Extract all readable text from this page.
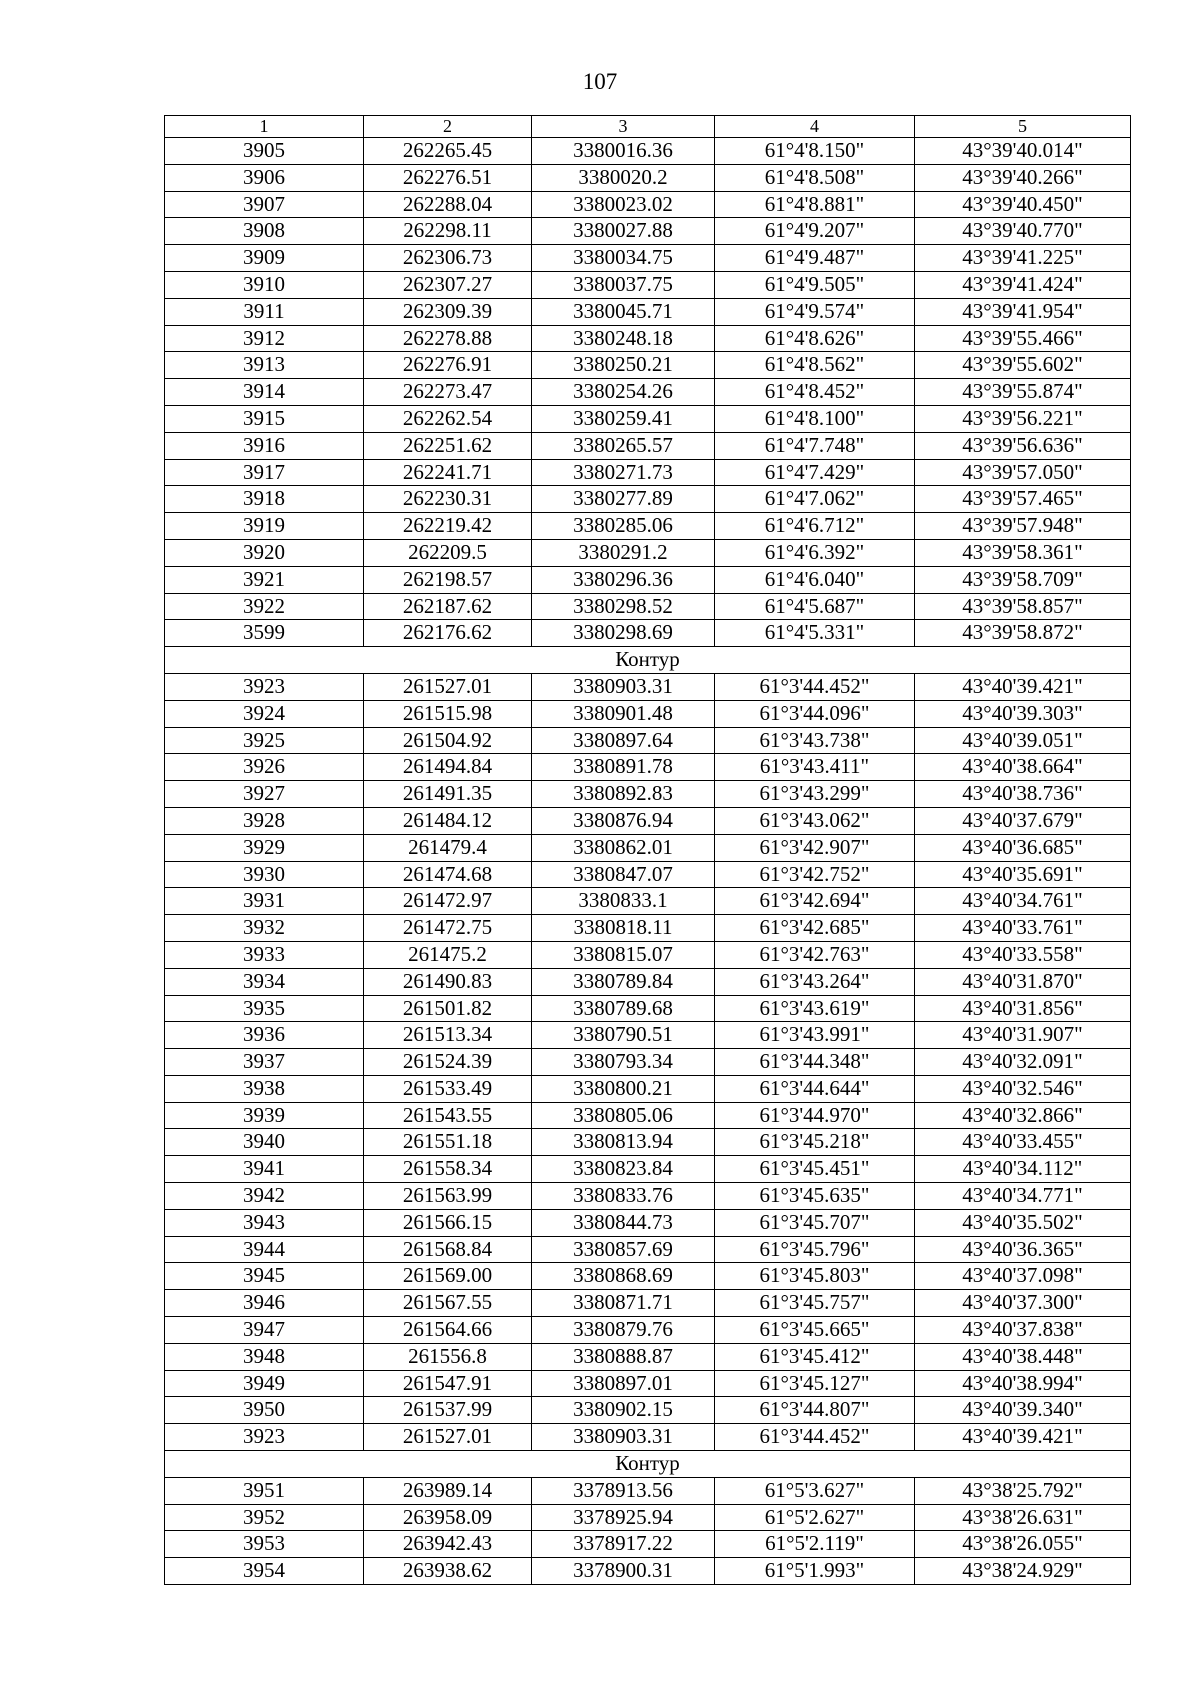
107
1	2	3	4	5
3905	262265.45	3380016.36	61°4'8.150"	43°39'40.014"
3906	262276.51	3380020.2	61°4'8.508"	43°39'40.266"
3907	262288.04	3380023.02	61°4'8.881"	43°39'40.450"
3908	262298.11	3380027.88	61°4'9.207"	43°39'40.770"
3909	262306.73	3380034.75	61°4'9.487"	43°39'41.225"
3910	262307.27	3380037.75	61°4'9.505"	43°39'41.424"
3911	262309.39	3380045.71	61°4'9.574"	43°39'41.954"
3912	262278.88	3380248.18	61°4'8.626"	43°39'55.466"
3913	262276.91	3380250.21	61°4'8.562"	43°39'55.602"
3914	262273.47	3380254.26	61°4'8.452"	43°39'55.874"
3915	262262.54	3380259.41	61°4'8.100"	43°39'56.221"
3916	262251.62	3380265.57	61°4'7.748"	43°39'56.636"
3917	262241.71	3380271.73	61°4'7.429"	43°39'57.050"
3918	262230.31	3380277.89	61°4'7.062"	43°39'57.465"
3919	262219.42	3380285.06	61°4'6.712"	43°39'57.948"
3920	262209.5	3380291.2	61°4'6.392"	43°39'58.361"
3921	262198.57	3380296.36	61°4'6.040"	43°39'58.709"
3922	262187.62	3380298.52	61°4'5.687"	43°39'58.857"
3599	262176.62	3380298.69	61°4'5.331"	43°39'58.872"
Контур				
3923	261527.01	3380903.31	61°3'44.452"	43°40'39.421"
3924	261515.98	3380901.48	61°3'44.096"	43°40'39.303"
3925	261504.92	3380897.64	61°3'43.738"	43°40'39.051"
3926	261494.84	3380891.78	61°3'43.411"	43°40'38.664"
3927	261491.35	3380892.83	61°3'43.299"	43°40'38.736"
3928	261484.12	3380876.94	61°3'43.062"	43°40'37.679"
3929	261479.4	3380862.01	61°3'42.907"	43°40'36.685"
3930	261474.68	3380847.07	61°3'42.752"	43°40'35.691"
3931	261472.97	3380833.1	61°3'42.694"	43°40'34.761"
3932	261472.75	3380818.11	61°3'42.685"	43°40'33.761"
3933	261475.2	3380815.07	61°3'42.763"	43°40'33.558"
3934	261490.83	3380789.84	61°3'43.264"	43°40'31.870"
3935	261501.82	3380789.68	61°3'43.619"	43°40'31.856"
3936	261513.34	3380790.51	61°3'43.991"	43°40'31.907"
3937	261524.39	3380793.34	61°3'44.348"	43°40'32.091"
3938	261533.49	3380800.21	61°3'44.644"	43°40'32.546"
3939	261543.55	3380805.06	61°3'44.970"	43°40'32.866"
3940	261551.18	3380813.94	61°3'45.218"	43°40'33.455"
3941	261558.34	3380823.84	61°3'45.451"	43°40'34.112"
3942	261563.99	3380833.76	61°3'45.635"	43°40'34.771"
3943	261566.15	3380844.73	61°3'45.707"	43°40'35.502"
3944	261568.84	3380857.69	61°3'45.796"	43°40'36.365"
3945	261569.00	3380868.69	61°3'45.803"	43°40'37.098"
3946	261567.55	3380871.71	61°3'45.757"	43°40'37.300"
3947	261564.66	3380879.76	61°3'45.665"	43°40'37.838"
3948	261556.8	3380888.87	61°3'45.412"	43°40'38.448"
3949	261547.91	3380897.01	61°3'45.127"	43°40'38.994"
3950	261537.99	3380902.15	61°3'44.807"	43°40'39.340"
3923	261527.01	3380903.31	61°3'44.452"	43°40'39.421"
Контур				
3951	263989.14	3378913.56	61°5'3.627"	43°38'25.792"
3952	263958.09	3378925.94	61°5'2.627"	43°38'26.631"
3953	263942.43	3378917.22	61°5'2.119"	43°38'26.055"
3954	263938.62	3378900.31	61°5'1.993"	43°38'24.929"
